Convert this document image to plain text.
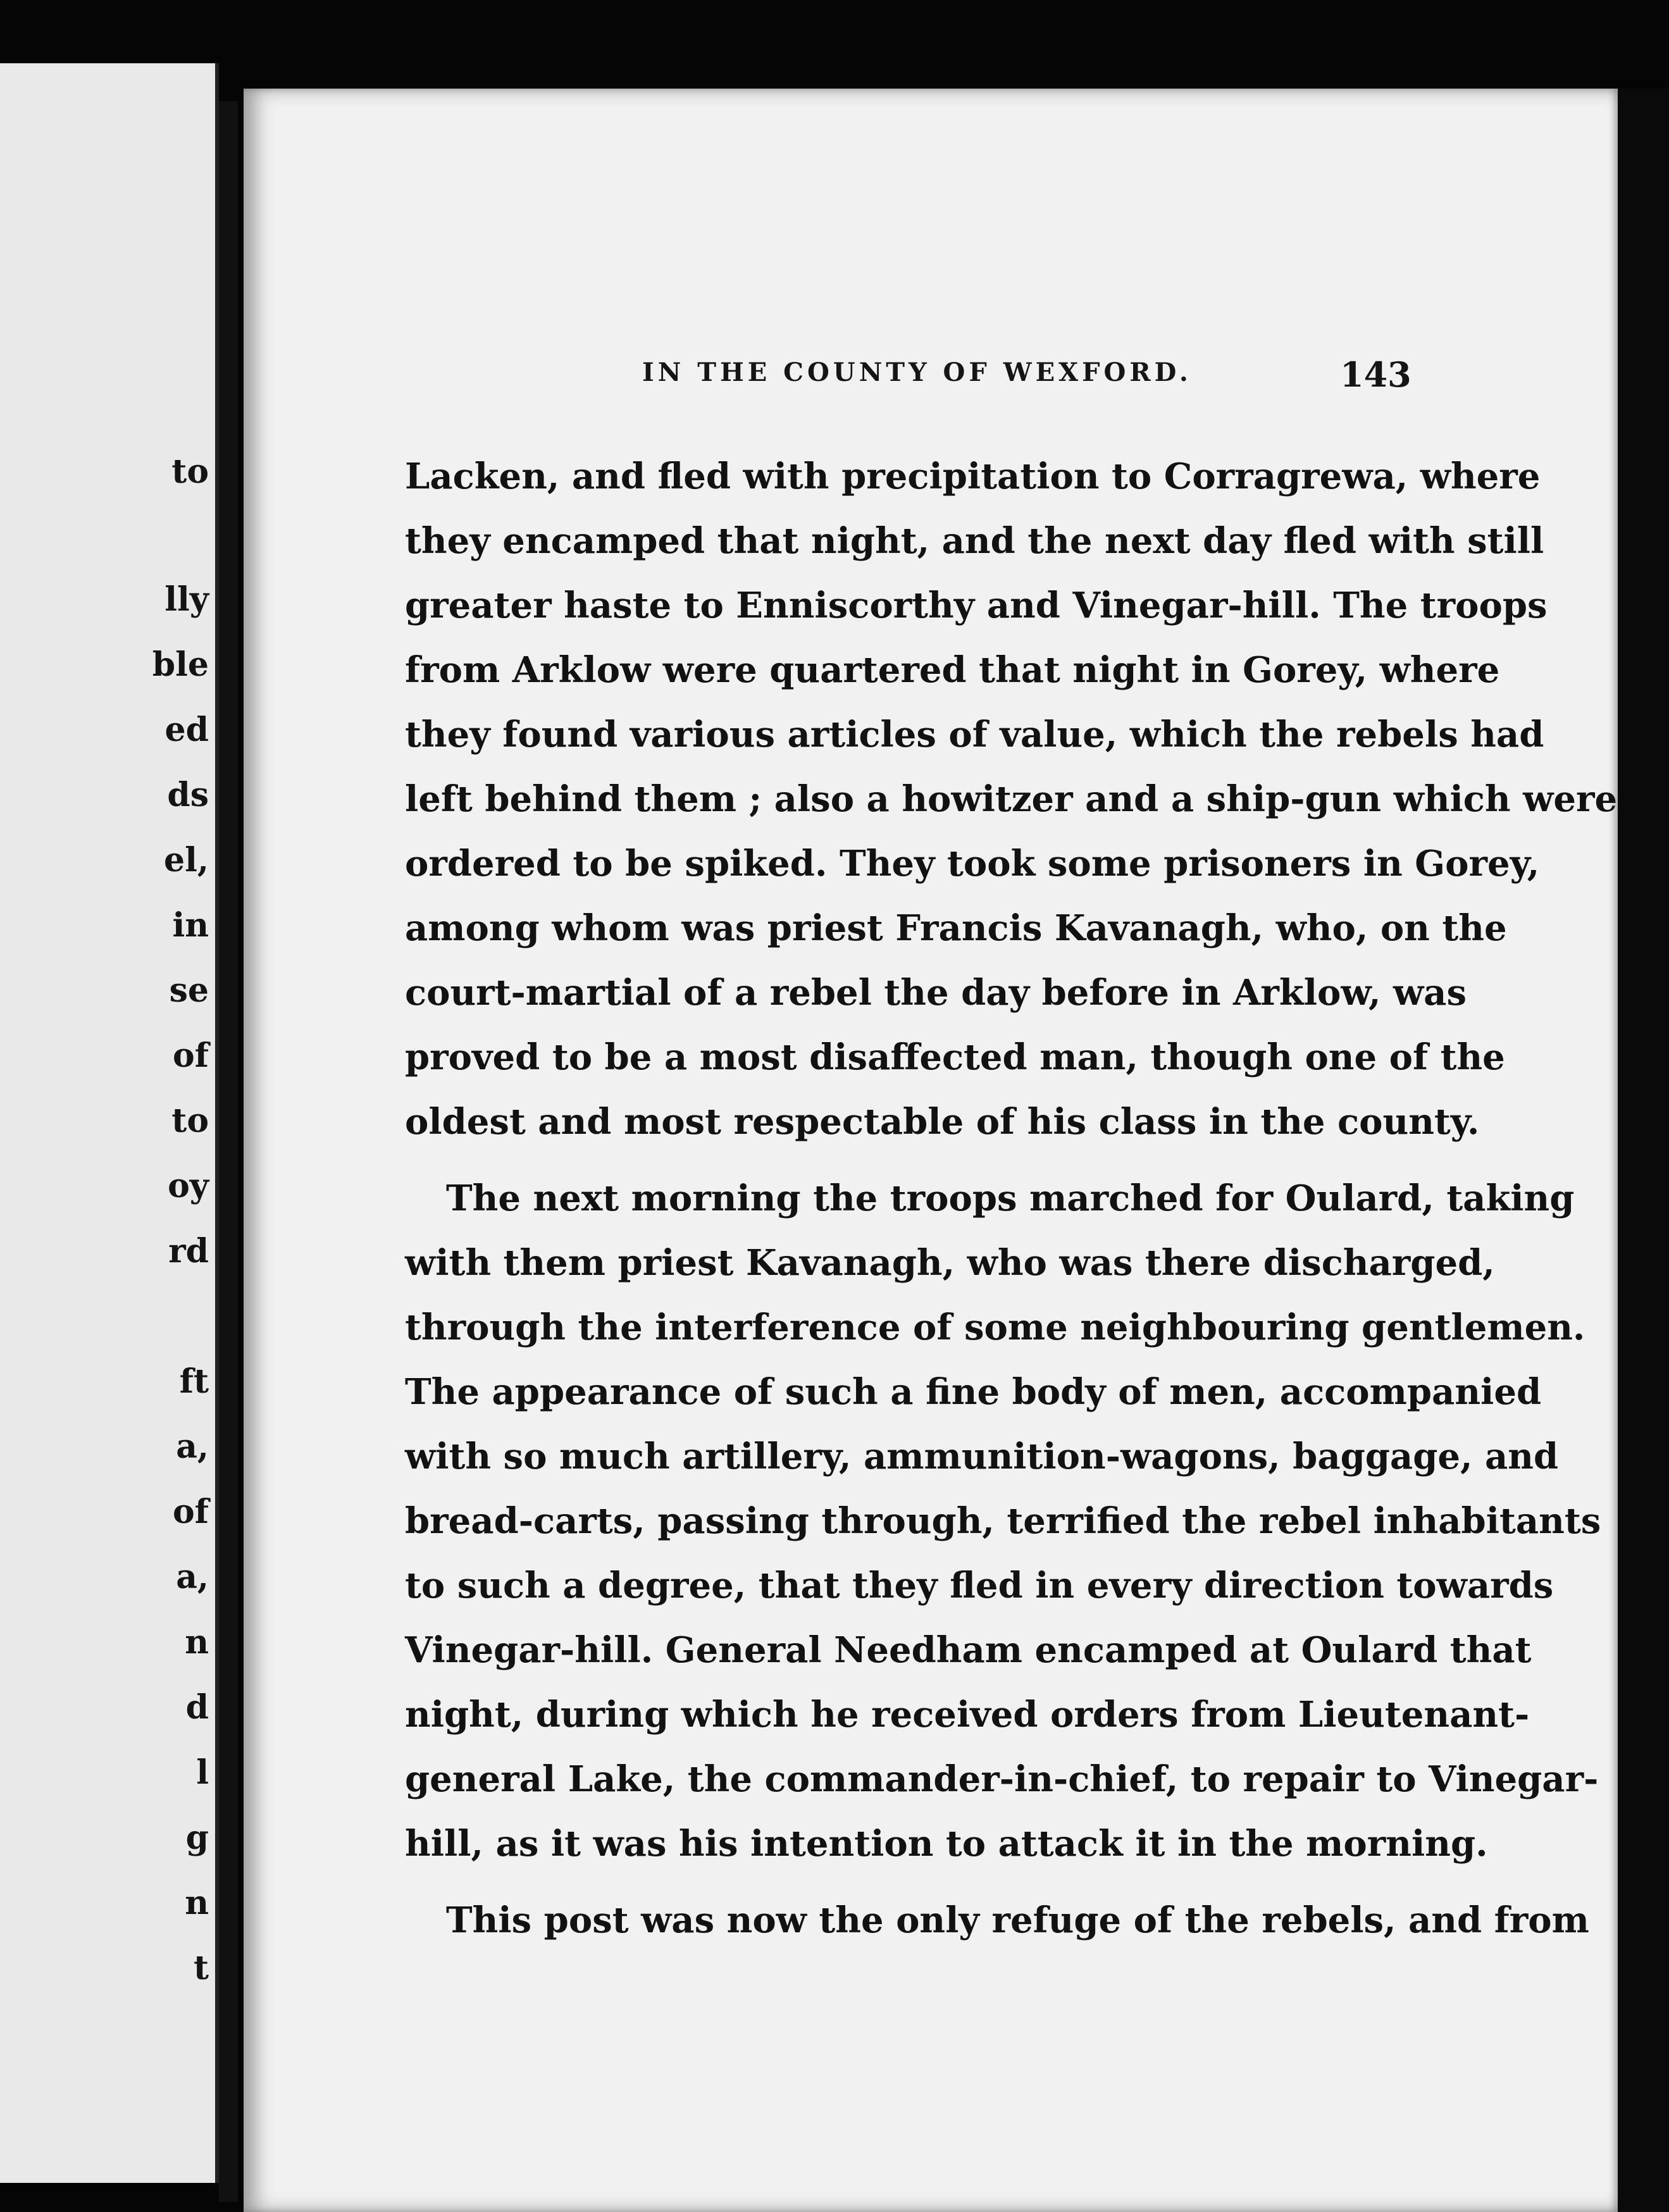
to
lly
ble
ed
ds
el,
in
se
of
to
oy
rd
ft
a,
of
a,
n
d
l
g
n
t
IN THE COUNTY OF WEXFORD.	143
Lacken, and fled with precipitation to Corragrewa, where
they encamped that night, and the next day fled with still
greater haste to Enniscorthy and Vinegar-hill. The troops
from Arklow were quartered that night in Gorey, where
they found various articles of value, which the rebels had
left behind them ; also a howitzer and a ship-gun which were
ordered to be spiked. They took some prisoners in Gorey,
among whom was priest Francis Kavanagh, who, on the
court-martial of a rebel the day before in Arklow, was
proved to be a most disaffected man, though one of the
oldest and most respectable of his class in the county.
The next morning the troops marched for Oulard, taking
with them priest Kavanagh, who was there discharged,
through the interference of some neighbouring gentlemen.
The appearance of such a fine body of men, accompanied
with so much artillery, ammunition-wagons, baggage, and
bread-carts, passing through, terrified the rebel inhabitants
to such a degree, that they fled in every direction towards
Vinegar-hill. General Needham encamped at Oulard that
night, during which he received orders from Lieutenant-
general Lake, the commander-in-chief, to repair to Vinegar-
hill, as it was his intention to attack it in the morning.
This post was now the only refuge of the rebels, and from
